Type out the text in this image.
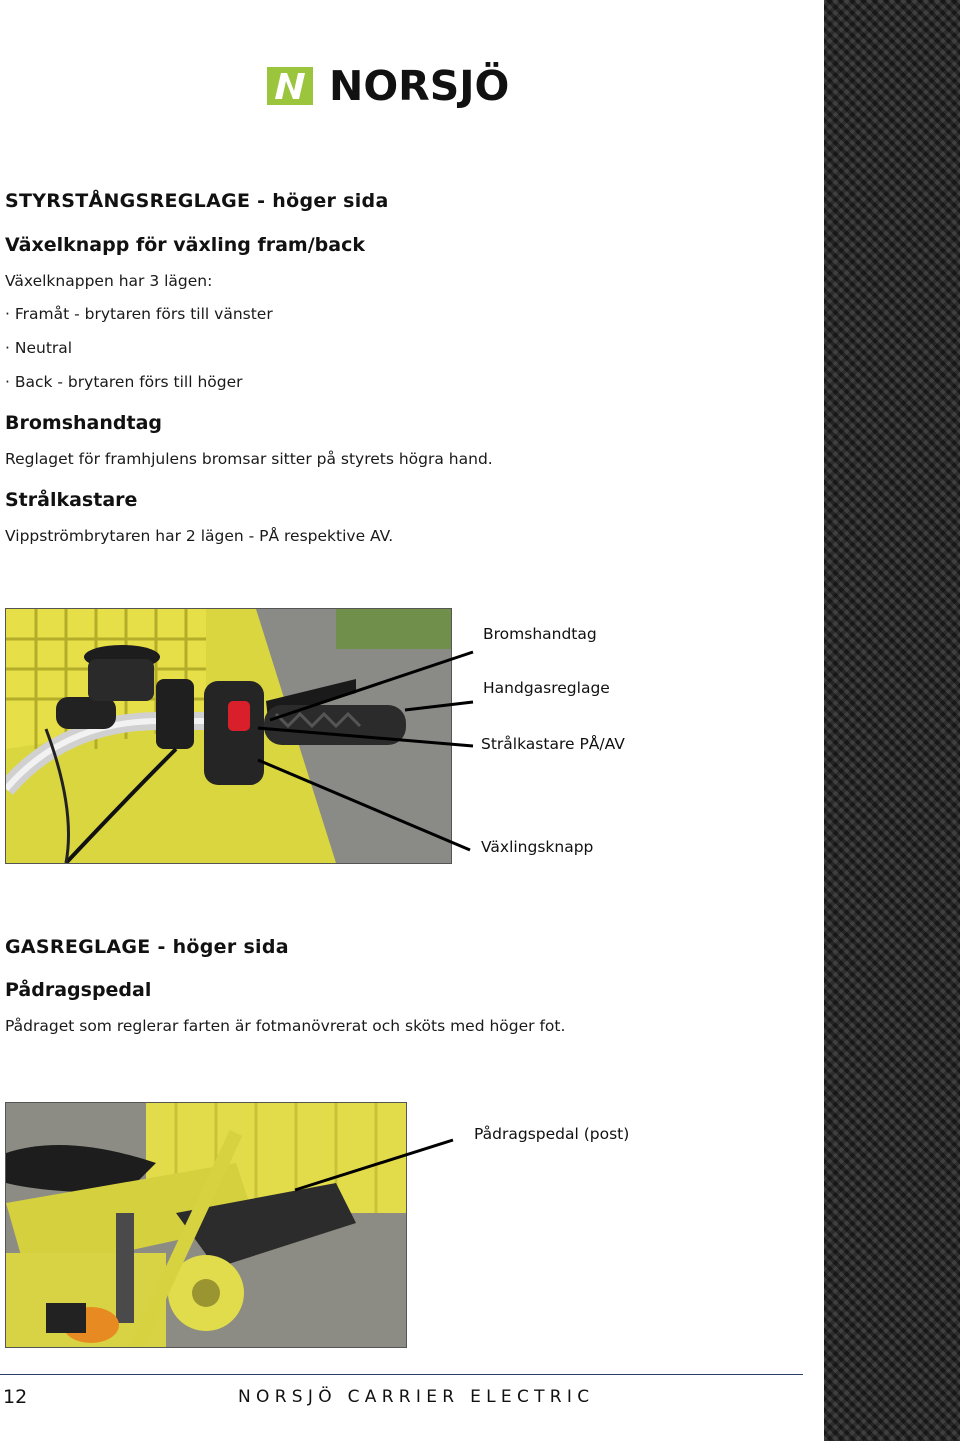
NORSJÖ
STYRSTÅNGSREGLAGE - höger sida
Växelknapp för växling fram/back
Växelknappen har 3 lägen:
· Framåt - brytaren förs till vänster
· Neutral
· Back - brytaren förs till höger
Bromshandtag
Reglaget för framhjulens bromsar sitter på styrets högra hand.
Strålkastare
Vippströmbrytaren har 2 lägen - PÅ respektive AV.
Bromshandtag
Handgasreglage
Strålkastare PÅ/AV
Växlingsknapp
GASREGLAGE - höger sida
Pådragspedal
Pådraget som reglerar farten är fotmanövrerat och sköts med höger fot.
Pådragspedal (post)
12	NORSJÖ CARRIER ELECTRIC
